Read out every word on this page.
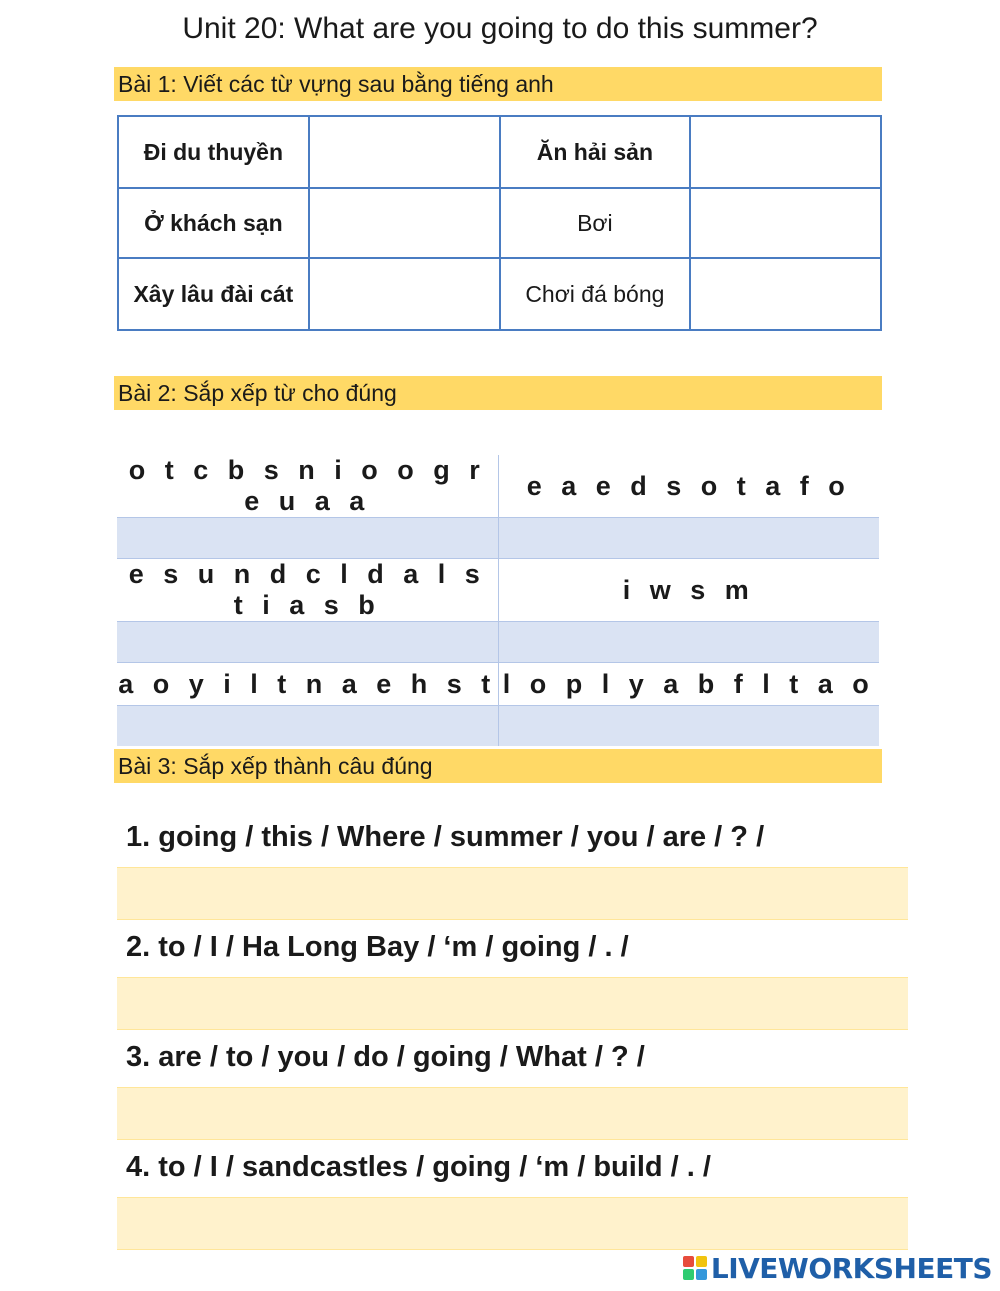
Unit 20: What are you going to do this summer?
Bài 1: Viết các từ vựng sau bằng tiếng anh
Đi du thuyền		Ăn hải sản	
Ở khách sạn		Bơi	
Xây lâu đài cát		Chơi đá bóng	
Bài 2: Sắp xếp từ cho đúng
o t c b s n i o o g r e u a a	e a e d s o t a f o

e s u n d c l d a l s t i a s b	i w s m

a o y i l t n a e h s t	l o p l y a b f l t a o

Bài 3: Sắp xếp thành câu đúng
1. going / this / Where / summer / you / are / ? /
2. to / I / Ha Long Bay / ‘m / going / . /
3. are / to / you / do / going / What / ? /
4. to / I / sandcastles / going / ‘m / build / . /
LIVEWORKSHEETS
